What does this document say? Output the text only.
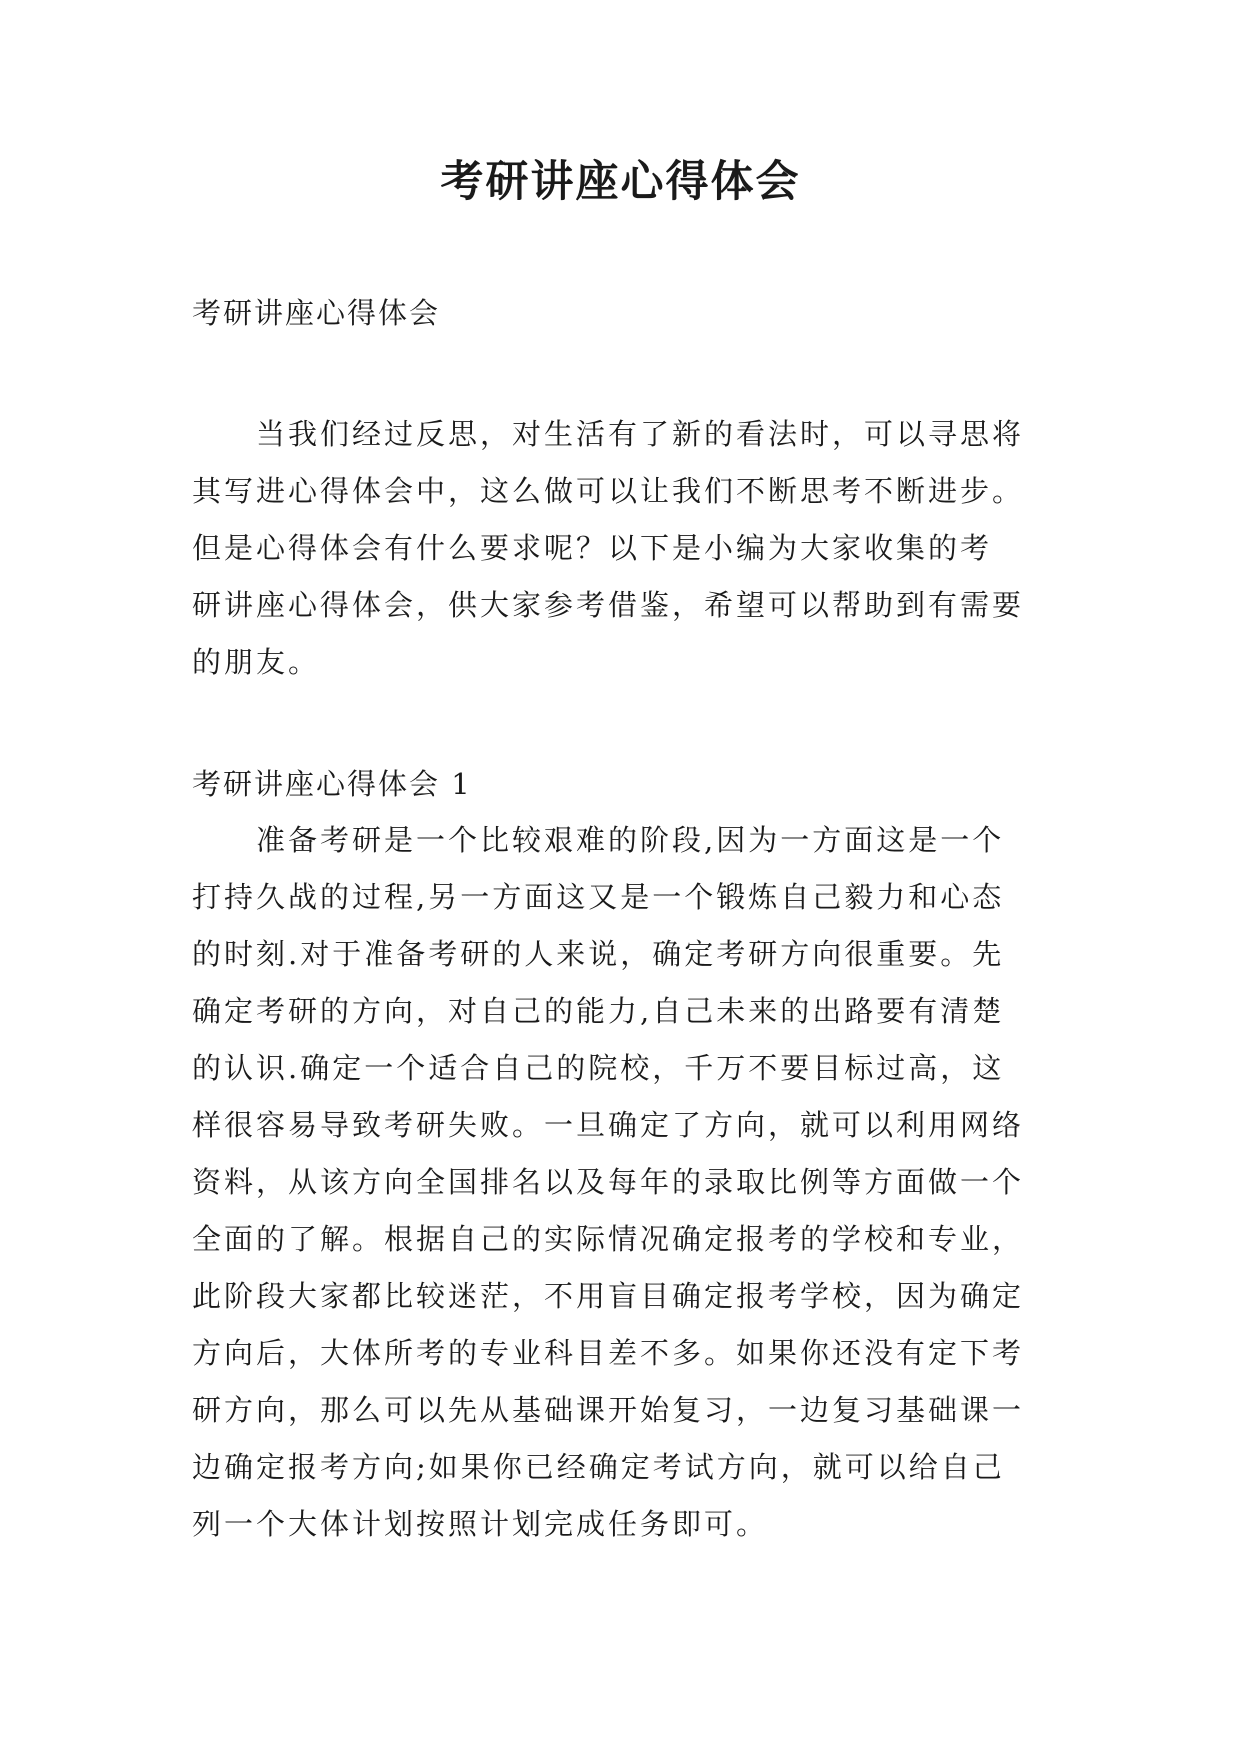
考研讲座心得体会

考研讲座心得体会

当我们经过反思，对生活有了新的看法时，可以寻思将

其写进心得体会中，这么做可以让我们不断思考不断进步。

但是心得体会有什么要求呢？以下是小编为大家收集的考

研讲座心得体会，供大家参考借鉴，希望可以帮助到有需要

的朋友。

考研讲座心得体会 1

准备考研是一个比较艰难的阶段,因为一方面这是一个

打持久战的过程,另一方面这又是一个锻炼自己毅力和心态

的时刻.对于准备考研的人来说，确定考研方向很重要。先

确定考研的方向，对自己的能力,自己未来的出路要有清楚

的认识.确定一个适合自己的院校，千万不要目标过高，这

样很容易导致考研失败。一旦确定了方向，就可以利用网络

资料，从该方向全国排名以及每年的录取比例等方面做一个

全面的了解。根据自己的实际情况确定报考的学校和专业，

此阶段大家都比较迷茫，不用盲目确定报考学校，因为确定

方向后，大体所考的专业科目差不多。如果你还没有定下考

研方向，那么可以先从基础课开始复习，一边复习基础课一

边确定报考方向;如果你已经确定考试方向，就可以给自己

列一个大体计划按照计划完成任务即可。
